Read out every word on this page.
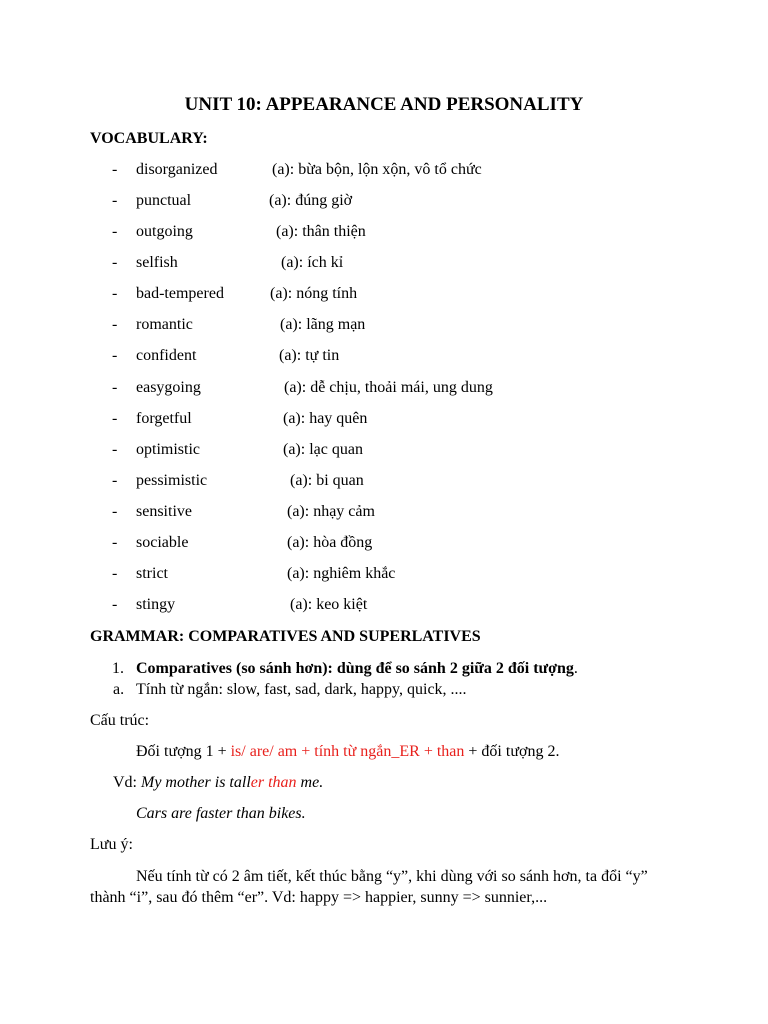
UNIT 10: APPEARANCE AND PERSONALITY
VOCABULARY:
- disorganized	(a): bừa bộn, lộn xộn, vô tổ chức
- punctual	(a): đúng giờ
- outgoing	(a): thân thiện
- selfish	(a): ích kỉ
- bad-tempered	(a): nóng tính
- romantic	(a): lãng mạn
- confident	(a): tự tin
- easygoing	(a): dễ chịu, thoải mái, ung dung
- forgetful	(a): hay quên
- optimistic	(a): lạc quan
- pessimistic	(a): bi quan
- sensitive	(a): nhạy cảm
- sociable	(a): hòa đồng
- strict	(a): nghiêm khắc
- stingy	(a): keo kiệt
GRAMMAR: COMPARATIVES AND SUPERLATIVES
1. Comparatives (so sánh hơn): dùng để so sánh 2 giữa 2 đối tượng.
a. Tính từ ngắn: slow, fast, sad, dark, happy, quick, ....
Cấu trúc:
Đối tượng 1 + is/ are/ am + tính từ ngắn_ER + than + đối tượng 2.
Vd: My mother is taller than me.
Cars are faster than bikes.
Lưu ý:
Nếu tính từ có 2 âm tiết, kết thúc bằng “y”, khi dùng với so sánh hơn, ta đổi “y”
thành “i”, sau đó thêm “er”. Vd: happy => happier, sunny => sunnier,...
